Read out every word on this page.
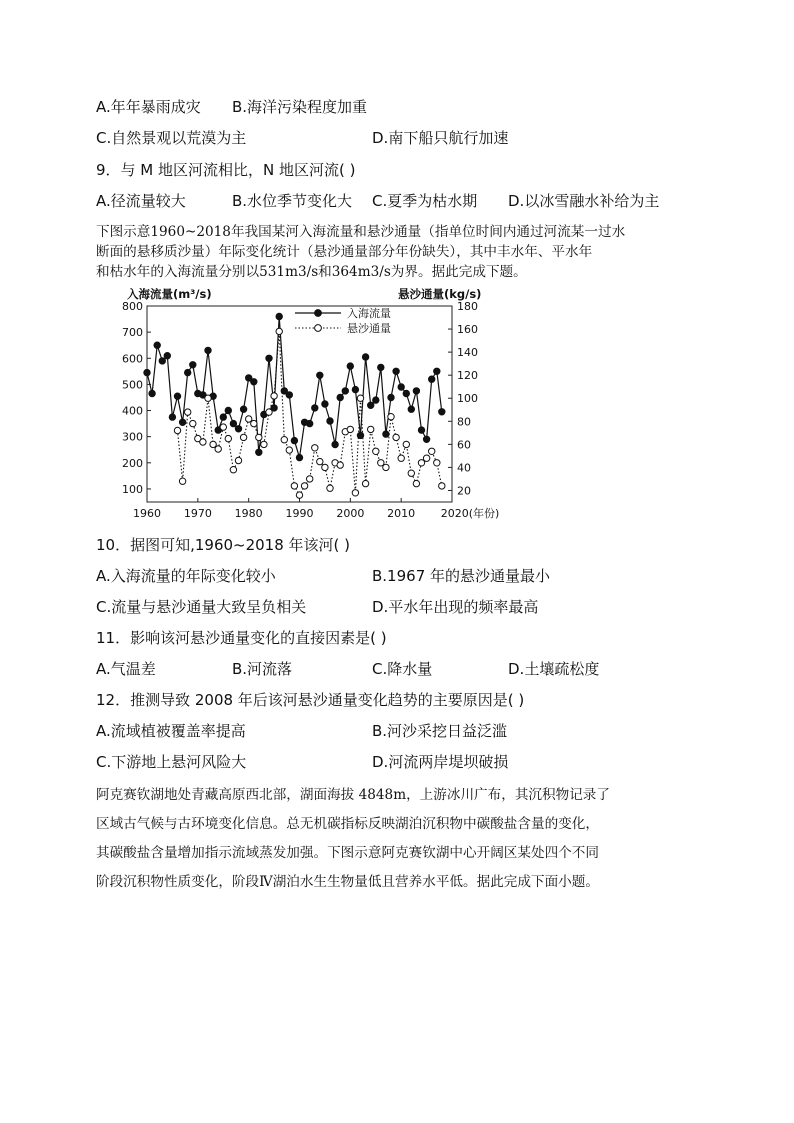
A.年年暴雨成灾 B.海洋污染程度加重
C.自然景观以荒漠为主	D.南下船只航行加速
9．与 M 地区河流相比，N 地区河流( )
A.径流量较大	B.水位季节变化大 C.夏季为枯水期 D.以冰雪融水补给为主
下图示意1960~2018年我国某河入海流量和悬沙通量（指单位时间内通过河流某一过水
断面的悬移质沙量）年际变化统计（悬沙通量部分年份缺失），其中丰水年、平水年
和枯水年的入海流量分别以531m3/s和364m3/s为界。据此完成下题。
100
200
300
400
500
600
700
800
20
40
60
80
100
120
140
160
180
1960 1970 1980 1990 2000 2010 2020(年份)
入海流量(m³/s)	悬沙通量(kg/s)
入海流量
悬沙通量
10．据图可知,1960~2018 年该河( )
A.入海流量的年际变化较小	B.1967 年的悬沙通量最小
C.流量与悬沙通量大致呈负相关	D.平水年出现的频率最高
11．影响该河悬沙通量变化的直接因素是( )
A.气温差	B.河流落	C.降水量	D.土壤疏松度
12．推测导致 2008 年后该河悬沙通量变化趋势的主要原因是( )
A.流域植被覆盖率提高	B.河沙采挖日益泛滥
C.下游地上悬河风险大	D.河流两岸堤坝破损
阿克赛钦湖地处青藏高原西北部，湖面海拔 4848m，上游冰川广布，其沉积物记录了
区域古气候与古环境变化信息。总无机碳指标反映湖泊沉积物中碳酸盐含量的变化，
其碳酸盐含量增加指示流域蒸发加强。下图示意阿克赛钦湖中心开阔区某处四个不同
阶段沉积物性质变化，阶段Ⅳ湖泊水生生物量低且营养水平低。据此完成下面小题。
